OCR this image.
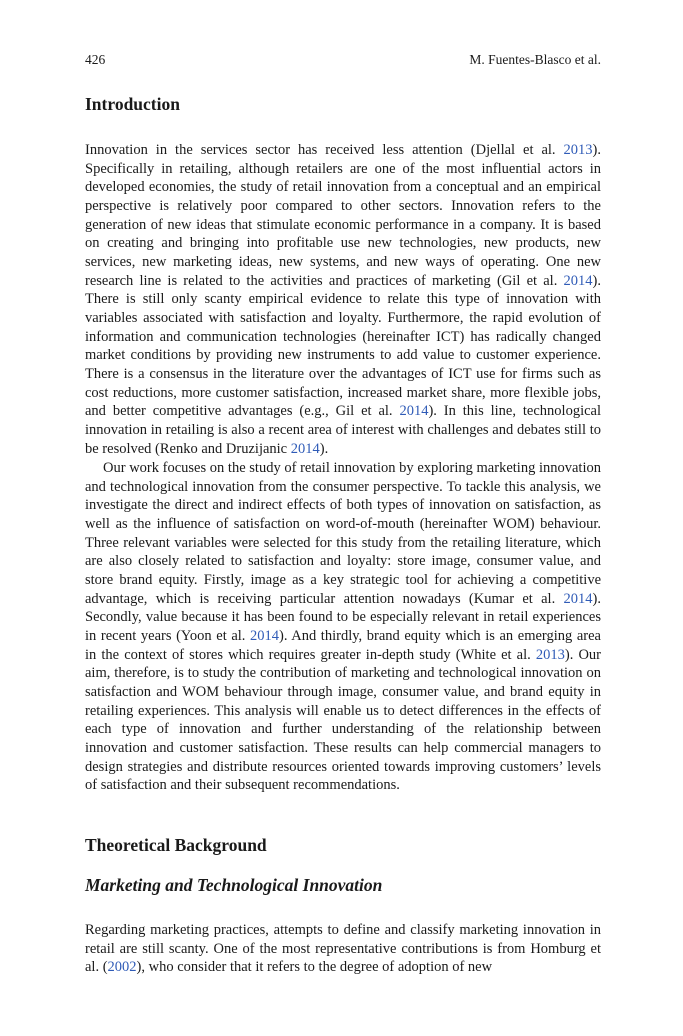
426	M. Fuentes-Blasco et al.
Introduction

Innovation in the services sector has received less attention (Djellal et al. 2013). Specifically in retailing, although retailers are one of the most influential actors in developed economies, the study of retail innovation from a conceptual and an empirical perspective is relatively poor compared to other sectors. Innovation refers to the generation of new ideas that stimulate economic performance in a company. It is based on creating and bringing into profitable use new technologies, new products, new services, new marketing ideas, new systems, and new ways of operating. One new research line is related to the activities and practices of marketing (Gil et al. 2014). There is still only scanty empirical evidence to relate this type of innovation with variables associated with satisfaction and loyalty. Furthermore, the rapid evolution of information and communication technologies (hereinafter ICT) has radically changed market conditions by providing new instruments to add value to customer experience. There is a consensus in the literature over the advantages of ICT use for firms such as cost reductions, more customer satisfaction, increased market share, more flexible jobs, and better competitive advantages (e.g., Gil et al. 2014). In this line, technological innovation in retailing is also a recent area of interest with challenges and debates still to be resolved (Renko and Druzijanic 2014).

Our work focuses on the study of retail innovation by exploring marketing innovation and technological innovation from the consumer perspective. To tackle this analysis, we investigate the direct and indirect effects of both types of innovation on satisfaction, as well as the influence of satisfaction on word-of-mouth (hereinafter WOM) behaviour. Three relevant variables were selected for this study from the retailing literature, which are also closely related to satisfaction and loyalty: store image, consumer value, and store brand equity. Firstly, image as a key strategic tool for achieving a competitive advantage, which is receiving particular attention nowadays (Kumar et al. 2014). Secondly, value because it has been found to be especially relevant in retail experiences in recent years (Yoon et al. 2014). And thirdly, brand equity which is an emerging area in the context of stores which requires greater in-depth study (White et al. 2013). Our aim, therefore, is to study the contribution of marketing and technological innovation on satisfaction and WOM behaviour through image, consumer value, and brand equity in retailing experiences. This analysis will enable us to detect differences in the effects of each type of innovation and further understanding of the relationship between innovation and customer satisfaction. These results can help commercial managers to design strategies and distribute resources oriented towards improving customers’ levels of satisfaction and their subsequent recommendations.

Theoretical Background
Marketing and Technological Innovation

Regarding marketing practices, attempts to define and classify marketing innovation in retail are still scanty. One of the most representative contributions is from Homburg et al. (2002), who consider that it refers to the degree of adoption of new
